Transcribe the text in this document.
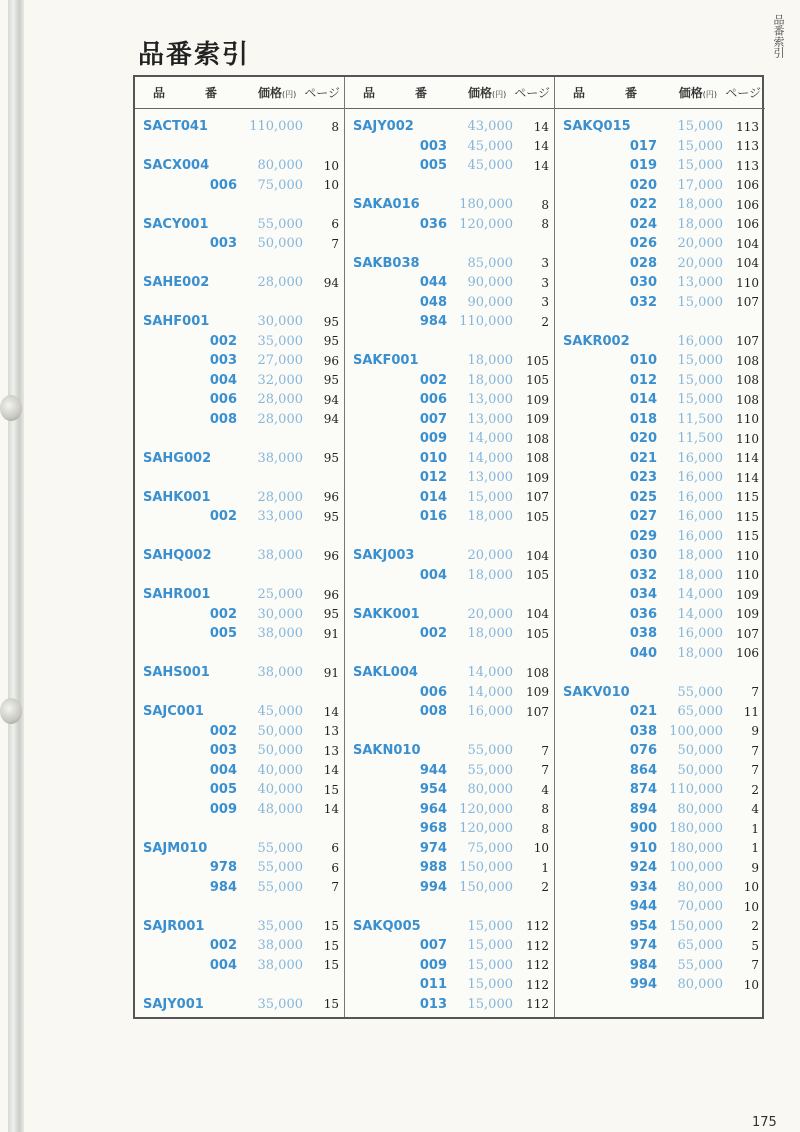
品番索引	品番索引
品　番	価格(円) ページ
SACT041	110,000	8
SACX004	80,000	10
006	75,000	10
SACY001	55,000	6
003	50,000	7
SAHE002	28,000	94
SAHF001	30,000	95
002	35,000	95
003	27,000	96
004	32,000	95
006	28,000	94
008	28,000	94
SAHG002	38,000	95
SAHK001	28,000	96
002	33,000	95
SAHQ002	38,000	96
SAHR001	25,000	96
002	30,000	95
005	38,000	91
SAHS001	38,000	91
SAJC001	45,000	14
002	50,000	13
003	50,000	13
004	40,000	14
005	40,000	15
009	48,000	14
SAJM010	55,000	6
978	55,000	6
984	55,000	7
SAJR001	35,000	15
002	38,000	15
004	38,000	15
SAJY001	35,000	15
品　番	価格(円) ページ
SAJY002	43,000	14
003	45,000	14
005	45,000	14
SAKA016	180,000	8
036 120,000	8
SAKB038	85,000	3
044	90,000	3
048	90,000	3
984 110,000	2
SAKF001	18,000	105
002	18,000	105
006	13,000	109
007	13,000	109
009	14,000	108
010	14,000	108
012	13,000	109
014	15,000	107
016	18,000	105
SAKJ003	20,000	104
004	18,000	105
SAKK001	20,000	104
002	18,000	105
SAKL004	14,000	108
006	14,000	109
008	16,000	107
SAKN010	55,000	7
944	55,000	7
954	80,000	4
964 120,000	8
968 120,000	8
974	75,000	10
988 150,000	1
994 150,000	2
SAKQ005	15,000	112
007	15,000	112
009	15,000	112
011	15,000	112
013	15,000	112
品　番	価格(円) ページ
SAKQ015	15,000	113
017	15,000	113
019	15,000	113
020	17,000	106
022	18,000	106
024	18,000	106
026	20,000	104
028	20,000	104
030	13,000	110
032	15,000	107
SAKR002	16,000	107
010	15,000	108
012	15,000	108
014	15,000	108
018	11,500	110
020	11,500	110
021	16,000	114
023	16,000	114
025	16,000	115
027	16,000	115
029	16,000	115
030	18,000	110
032	18,000	110
034	14,000	109
036	14,000	109
038	16,000	107
040	18,000	106
SAKV010	55,000	7
021	65,000	11
038 100,000	9
076	50,000	7
864	50,000	7
874 110,000	2
894	80,000	4
900 180,000	1
910 180,000	1
924 100,000	9
934	80,000	10
944	70,000	10
954 150,000	2
974	65,000	5
984	55,000	7
994	80,000	10
175
